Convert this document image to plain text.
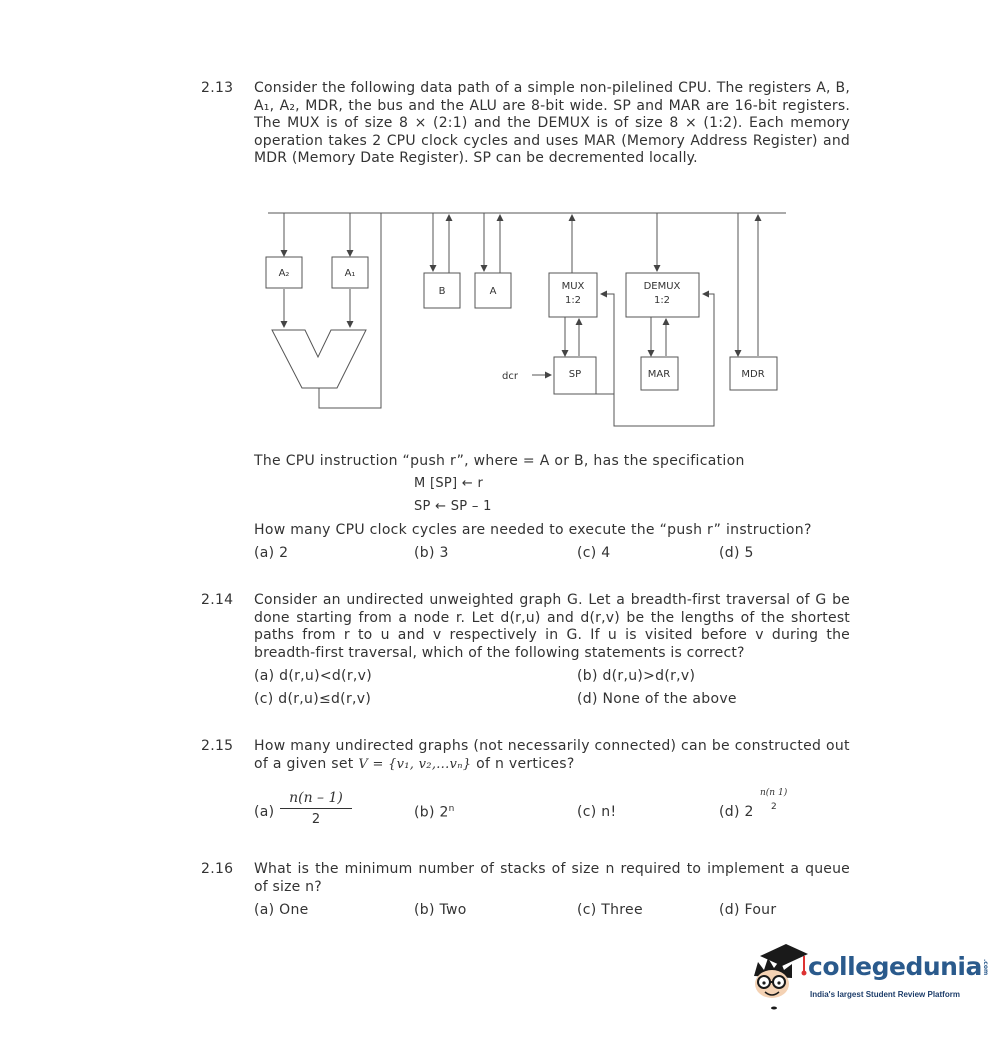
2.13 Consider the following data path of a simple non-pilelined CPU. The registers A, B, A₁, A₂, MDR, the bus and the ALU are 8-bit wide. SP and MAR are 16-bit registers. The MUX is of size 8 × (2:1) and the DEMUX is of size 8 × (1:2). Each memory operation takes 2 CPU clock cycles and uses MAR (Memory Address Register) and MDR (Memory Date Register). SP can be decremented locally.
A₂	A₁
B	A	MUX
1:2
DEMUX
1:2
dcr	SP	MAR	MDR
The CPU instruction “push r”, where = A or B, has the specification
M [SP] ← r
SP ← SP – 1
How many CPU clock cycles are needed to execute the “push r” instruction?
(a) 2	(b) 3	(c) 4	(d) 5
2.14 Consider an undirected unweighted graph G. Let a breadth-first traversal of G be done starting from a node r. Let d(r,u) and d(r,v) be the lengths of the shortest paths from r to u and v respectively in G. If u is visited before v during the breadth-first traversal, which of the following statements is correct?
(a) d(r,u)<d(r,v)	(b) d(r,u)>d(r,v)
(c) d(r,u)≤d(r,v)	(d) None of the above
2.15 How many undirected graphs (not necessarily connected) can be constructed out
of a given set V = {v₁, v₂,...vₙ} of n vertices?
$(a) \frac{n(n - 1)}{2}$	(b) 2$^n$	(c) n!	(d) 2
n(n 1)
2
2.16 What is the minimum number of stacks of size n required to implement a queue of size n?
(a) One	(b) Two	(c) Three	(d) Four
collegedunia.com
India's largest Student Review Platform
